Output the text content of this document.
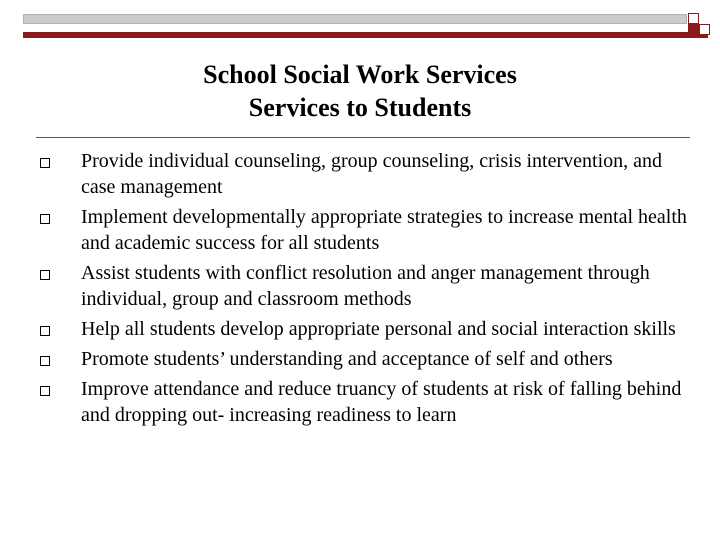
School Social Work Services
Services to Students
Provide individual counseling, group counseling, crisis intervention, and case management
Implement developmentally appropriate strategies to increase mental health and academic success for all students
Assist students with conflict resolution and anger management through individual, group and classroom methods
Help all students develop appropriate personal and social interaction skills
Promote students’ understanding and acceptance of self and others
Improve attendance and reduce truancy of students at risk of falling behind and dropping out- increasing readiness to learn
